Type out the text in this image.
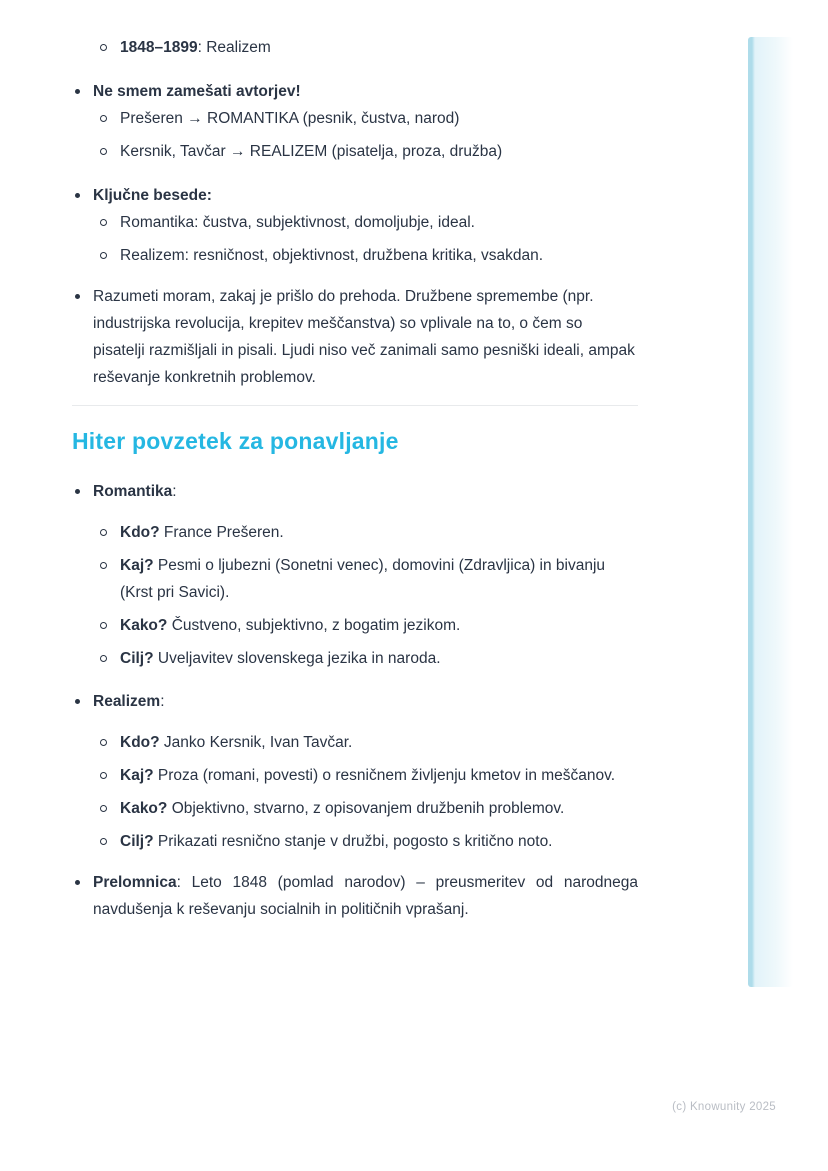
1848–1899: Realizem

Ne smem zamešati avtorjev!

Prešeren → ROMANTIKA (pesnik, čustva, narod)

Kersnik, Tavčar → REALIZEM (pisatelja, proza, družba)

Ključne besede:

Romantika: čustva, subjektivnost, domoljubje, ideal.

Realizem: resničnost, objektivnost, družbena kritika, vsakdan.

Razumeti moram, zakaj je prišlo do prehoda. Družbene spremembe (npr. industrijska revolucija, krepitev meščanstva) so vplivale na to, o čem so pisatelji razmišljali in pisali. Ljudi niso več zanimali samo pesniški ideali, ampak reševanje konkretnih problemov.

Hiter povzetek za ponavljanje

Romantika:

Kdo? France Prešeren.

Kaj? Pesmi o ljubezni (Sonetni venec), domovini (Zdravljica) in bivanju (Krst pri Savici).

Kako? Čustveno, subjektivno, z bogatim jezikom.

Cilj? Uveljavitev slovenskega jezika in naroda.

Realizem:

Kdo? Janko Kersnik, Ivan Tavčar.

Kaj? Proza (romani, povesti) o resničnem življenju kmetov in meščanov.

Kako? Objektivno, stvarno, z opisovanjem družbenih problemov.

Cilj? Prikazati resnično stanje v družbi, pogosto s kritično noto.

Prelomnica: Leto 1848 (pomlad narodov) – preusmeritev od narodnega navdušenja k reševanju socialnih in političnih vprašanj.

(c) Knowunity 2025
